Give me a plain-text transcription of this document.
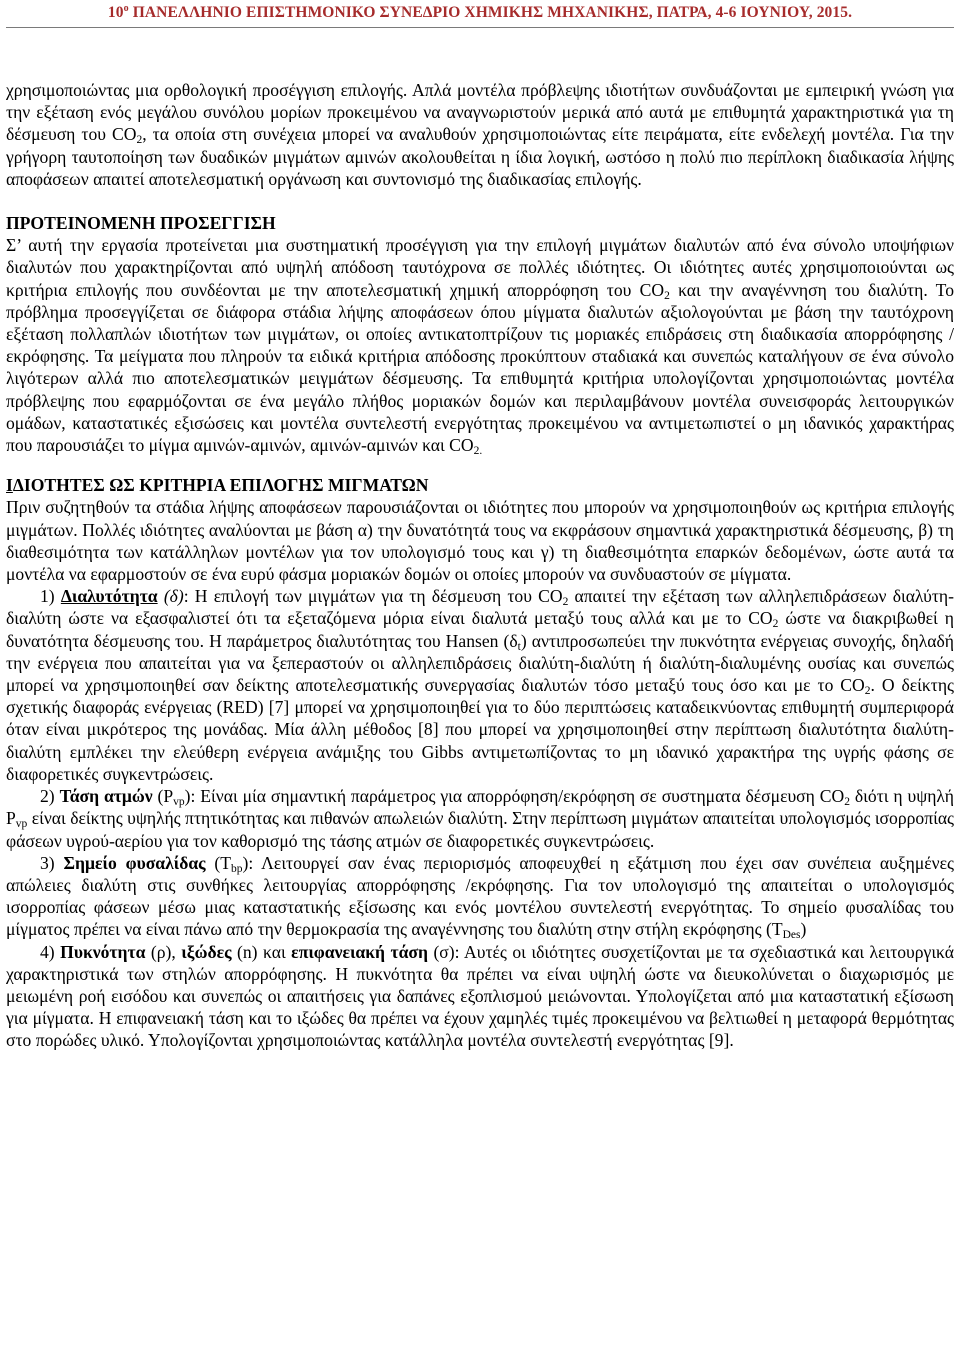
$10^o$ ΠΑΝΕΛΛΗΝΙΟ ΕΠΙΣΤΗΜΟΝΙΚΟ ΣΥΝΕΔΡΙΟ ΧΗΜΙΚΗΣ ΜΗΧΑΝΙΚΗΣ, ΠΑΤΡΑ, 4-6 ΙΟΥΝΙΟΥ, 2015.

χρησιμοποιώντας μια ορθολογική προσέγγιση επιλογής. Απλά μοντέλα πρόβλεψης ιδιοτήτων συνδυάζονται με εμπειρική γνώση για την εξέταση ενός μεγάλου συνόλου μορίων προκειμένου να αναγνωριστούν μερικά από αυτά με επιθυμητά χαρακτηριστικά για τη δέσμευση του $CO_2$, τα οποία στη συνέχεια μπορεί να αναλυθούν χρησιμοποιώντας είτε πειράματα, είτε ενδελεχή μοντέλα. Για την γρήγορη ταυτοποίηση των δυαδικών μιγμάτων αμινών ακολουθείται η ίδια λογική, ωστόσο η πολύ πιο περίπλοκη διαδικασία λήψης αποφάσεων απαιτεί αποτελεσματική οργάνωση και συντονισμό της διαδικασίας επιλογής.

ΠΡΟΤΕΙΝΟΜΕΝΗ ΠΡΟΣΕΓΓΙΣΗ

Σ’ αυτή την εργασία προτείνεται μια συστηματική προσέγγιση για την επιλογή μιγμάτων διαλυτών από ένα σύνολο υποψήφιων διαλυτών που χαρακτηρίζονται από υψηλή απόδοση ταυτόχρονα σε πολλές ιδιότητες. Οι ιδιότητες αυτές χρησιμοποιούνται ως κριτήρια επιλογής που συνδέονται με την αποτελεσματική χημική απορρόφηση του $CO_2$ και την αναγέννηση του διαλύτη. Το πρόβλημα προσεγγίζεται σε διάφορα στάδια λήψης αποφάσεων όπου μίγματα διαλυτών αξιολογούνται με βάση την ταυτόχρονη εξέταση πολλαπλών ιδιοτήτων των μιγμάτων, οι οποίες αντικατοπτρίζουν τις μοριακές επιδράσεις στη διαδικασία απορρόφησης / εκρόφησης. Τα μείγματα που πληρούν τα ειδικά κριτήρια απόδοσης προκύπτουν σταδιακά και συνεπώς καταλήγουν σε ένα σύνολο λιγότερων αλλά πιο αποτελεσματικών μειγμάτων δέσμευσης. Τα επιθυμητά κριτήρια υπολογίζονται χρησιμοποιώντας μοντέλα πρόβλεψης που εφαρμόζονται σε ένα μεγάλο πλήθος μοριακών δομών και περιλαμβάνουν μοντέλα συνεισφοράς λειτουργικών ομάδων, καταστατικές εξισώσεις και μοντέλα συντελεστή ενεργότητας προκειμένου να αντιμετωπιστεί ο μη ιδανικός χαρακτήρας που παρουσιάζει το μίγμα αμινών-αμινών, αμινών-αμινών και $CO_{2.}$

ΙΔΙΟΤΗΤΕΣ ΩΣ ΚΡΙΤΗΡΙΑ ΕΠΙΛΟΓΗΣ ΜΙΓΜΑΤΩΝ

Πριν συζητηθούν τα στάδια λήψης αποφάσεων παρουσιάζονται οι ιδιότητες που μπορούν να χρησιμοποιηθούν ως κριτήρια επιλογής μιγμάτων. Πολλές ιδιότητες αναλύονται με βάση α) την δυνατότητά τους να εκφράσουν σημαντικά χαρακτηριστικά δέσμευσης, β) τη διαθεσιμότητα των κατάλληλων μοντέλων για τον υπολογισμό τους και γ) τη διαθεσιμότητα επαρκών δεδομένων, ώστε αυτά τα μοντέλα να εφαρμοστούν σε ένα ευρύ φάσμα μοριακών δομών οι οποίες μπορούν να συνδυαστούν σε μίγματα.

1) Διαλυτότητα (δ): Η επιλογή των μιγμάτων για τη δέσμευση του $CO_2$ απαιτεί την εξέταση των αλληλεπιδράσεων διαλύτη-διαλύτη ώστε να εξασφαλιστεί ότι τα εξεταζόμενα μόρια είναι διαλυτά μεταξύ τους αλλά και με το $CO_2$ ώστε να διακριβωθεί η δυνατότητα δέσμευσης του. Η παράμετρος διαλυτότητας του Hansen $(\delta_t)$ αντιπροσωπεύει την πυκνότητα ενέργειας συνοχής, δηλαδή την ενέργεια που απαιτείται για να ξεπεραστούν οι αλληλεπιδράσεις διαλύτη-διαλύτη ή διαλύτη-διαλυμένης ουσίας και συνεπώς μπορεί να χρησιμοποιηθεί σαν δείκτης αποτελεσματικής συνεργασίας διαλυτών τόσο μεταξύ τους όσο και με το $CO_2$. Ο δείκτης σχετικής διαφοράς ενέργειας (RED) [7] μπορεί να χρησιμοποιηθεί για το δύο περιπτώσεις καταδεικνύοντας επιθυμητή συμπεριφορά όταν είναι μικρότερος της μονάδας. Μία άλλη μέθοδος [8] που μπορεί να χρησιμοποιηθεί στην περίπτωση διαλυτότητα διαλύτη-διαλύτη εμπλέκει την ελεύθερη ενέργεια ανάμιξης του Gibbs αντιμετωπίζοντας το μη ιδανικό χαρακτήρα της υγρής φάσης σε διαφορετικές συγκεντρώσεις.

2) Τάση ατμών $(P_{vp})$: Είναι μία σημαντική παράμετρος για απορρόφηση/εκρόφηση σε συστηματα δέσμευση $CO_2$ διότι η υψηλή $P_{vp}$ είναι δείκτης υψηλής πτητικότητας και πιθανών απωλειών διαλύτη. Στην περίπτωση μιγμάτων απαιτείται υπολογισμός ισορροπίας φάσεων υγρού-αερίου για τον καθορισμό της τάσης ατμών σε διαφορετικές συγκεντρώσεις.

3) Σημείο φυσαλίδας $(T_{bp})$: Λειτουργεί σαν ένας περιορισμός αποφευχθεί η εξάτμιση που έχει σαν συνέπεια αυξημένες απώλειες διαλύτη στις συνθήκες λειτουργίας απορρόφησης /εκρόφησης. Για τον υπολογισμό της απαιτείται ο υπολογισμός ισορροπίας φάσεων μέσω μιας καταστατικής εξίσωσης και ενός μοντέλου συντελεστή ενεργότητας. Το σημείο φυσαλίδας του μίγματος πρέπει να είναι πάνω από την θερμοκρασία της αναγέννησης του διαλύτη στην στήλη εκρόφησης $(T_{Des})$

4) Πυκνότητα (ρ), ιξώδες (n) και επιφανειακή τάση (σ): Αυτές οι ιδιότητες συσχετίζονται με τα σχεδιαστικά και λειτουργικά χαρακτηριστικά των στηλών απορρόφησης. Η πυκνότητα θα πρέπει να είναι υψηλή ώστε να διευκολύνεται ο διαχωρισμός με μειωμένη ροή εισόδου και συνεπώς οι απαιτήσεις για δαπάνες εξοπλισμού μειώνονται. Υπολογίζεται από μια καταστατική εξίσωση για μίγματα. Η επιφανειακή τάση και το ιξώδες θα πρέπει να έχουν χαμηλές τιμές προκειμένου να βελτιωθεί η μεταφορά θερμότητας στο πορώδες υλικό. Υπολογίζονται χρησιμοποιώντας κατάλληλα μοντέλα συντελεστή ενεργότητας [9].
